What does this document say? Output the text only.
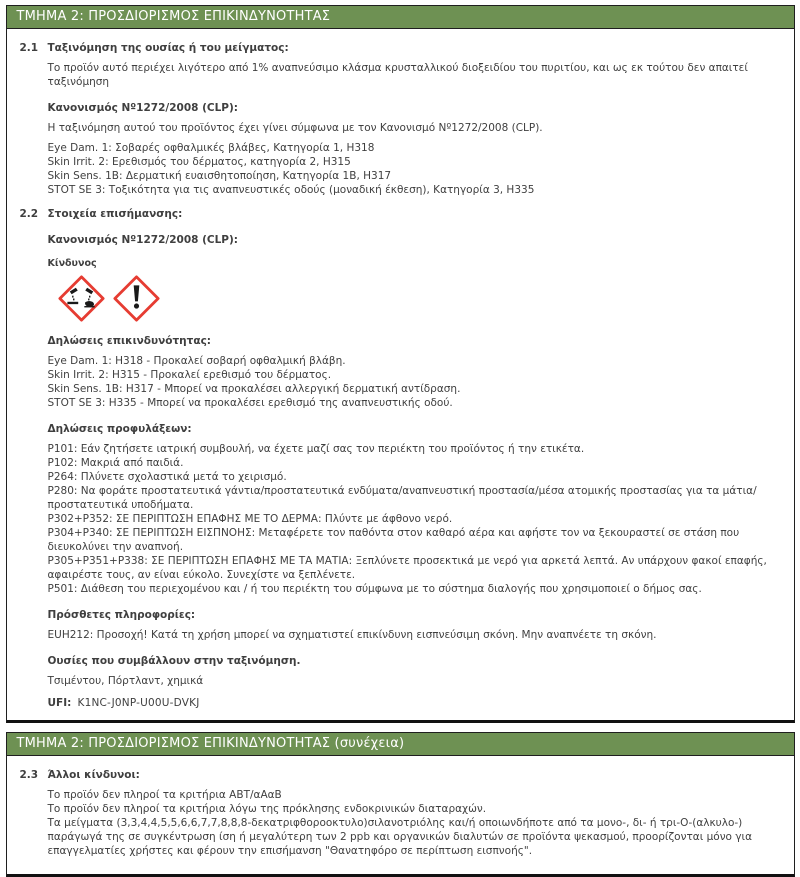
ΤΜΗΜΑ 2: ΠΡΟΣΔΙΟΡΙΣΜΟΣ ΕΠΙΚΙΝΔΥΝΟΤΗΤΑΣ
2.1 Ταξινόμηση της ουσίας ή του μείγματος:
Το προϊόν αυτό περιέχει λιγότερο από 1% αναπνεύσιμο κλάσμα κρυσταλλικού διοξειδίου του πυριτίου, και ως εκ τούτου δεν απαιτεί ταξινόμηση
Κανονισμός Nº1272/2008 (CLP):
Η ταξινόμηση αυτού του προϊόντος έχει γίνει σύμφωνα με τον Κανονισμό Nº1272/2008 (CLP).
Eye Dam. 1: Σοβαρές οφθαλμικές βλάβες, Κατηγορία 1, H318
Skin Irrit. 2: Ερεθισμός του δέρματος, κατηγορία 2, H315
Skin Sens. 1B: Δερματική ευαισθητοποίηση, Κατηγορία 1B, H317
STOT SE 3: Τοξικότητα για τις αναπνευστικές οδούς (μοναδική έκθεση), Κατηγορία 3, H335
2.2 Στοιχεία επισήμανσης:
Κανονισμός Nº1272/2008 (CLP):
Κίνδυνος
Δηλώσεις επικινδυνότητας:
Eye Dam. 1: H318 - Προκαλεί σοβαρή οφθαλμική βλάβη.
Skin Irrit. 2: H315 - Προκαλεί ερεθισμό του δέρματος.
Skin Sens. 1B: H317 - Μπορεί να προκαλέσει αλλεργική δερματική αντίδραση.
STOT SE 3: H335 - Μπορεί να προκαλέσει ερεθισμό της αναπνευστικής οδού.
Δηλώσεις προφυλάξεων:
P101: Εάν ζητήσετε ιατρική συμβουλή, να έχετε μαζί σας τον περιέκτη του προϊόντος ή την ετικέτα.
P102: Μακριά από παιδιά.
P264: Πλύνετε σχολαστικά μετά το χειρισμό.
P280: Να φοράτε προστατευτικά γάντια/προστατευτικά ενδύματα/αναπνευστική προστασία/μέσα ατομικής προστασίας για τα μάτια/προστατευτικά υποδήματα.
P302+P352: ΣΕ ΠΕΡΙΠΤΩΣΗ ΕΠΑΦΗΣ ΜΕ ΤΟ ΔΕΡΜΑ: Πλύντε με άφθονο νερό.
P304+P340: ΣΕ ΠΕΡΙΠΤΩΣΗ ΕΙΣΠΝΟΗΣ: Μεταφέρετε τον παθόντα στον καθαρό αέρα και αφήστε τον να ξεκουραστεί σε στάση που διευκολύνει την αναπνοή.
P305+P351+P338: ΣΕ ΠΕΡΙΠΤΩΣΗ ΕΠΑΦΗΣ ΜΕ ΤΑ ΜΑΤΙΑ: Ξεπλύνετε προσεκτικά με νερό για αρκετά λεπτά. Αν υπάρχουν φακοί επαφής, αφαιρέστε τους, αν είναι εύκολο. Συνεχίστε να ξεπλένετε.
P501: Διάθεση του περιεχομένου και / ή του περιέκτη του σύμφωνα με το σύστημα διαλογής που χρησιμοποιεί ο δήμος σας.
Πρόσθετες πληροφορίες:
EUH212: Προσοχή! Κατά τη χρήση μπορεί να σχηματιστεί επικίνδυνη εισπνεύσιμη σκόνη. Μην αναπνέετε τη σκόνη.
Ουσίες που συμβάλλουν στην ταξινόμηση.
Τσιμέντου, Πόρτλαντ, χημικά
UFI: K1NC-J0NP-U00U-DVKJ
ΤΜΗΜΑ 2: ΠΡΟΣΔΙΟΡΙΣΜΟΣ ΕΠΙΚΙΝΔΥΝΟΤΗΤΑΣ (συνέχεια)
2.3 Άλλοι κίνδυνοι:
Το προϊόν δεν πληροί τα κριτήρια ΑΒΤ/αΑαΒ
Το προϊόν δεν πληροί τα κριτήρια λόγω της πρόκλησης ενδοκρινικών διαταραχών.
Τα μείγματα (3,3,4,4,5,5,6,6,7,7,8,8,8-δεκατριφθοροοκτυλο)σιλανοτριόλης και/ή οποιωνδήποτε από τα μονο-, δι- ή τρι-Ο-(αλκυλο-) παράγωγά της σε συγκέντρωση ίση ή μεγαλύτερη των 2 ppb και οργανικών διαλυτών σε προϊόντα ψεκασμού, προορίζονται μόνο για επαγγελματίες χρήστες και φέρουν την επισήμανση "Θανατηφόρο σε περίπτωση εισπνοής".
